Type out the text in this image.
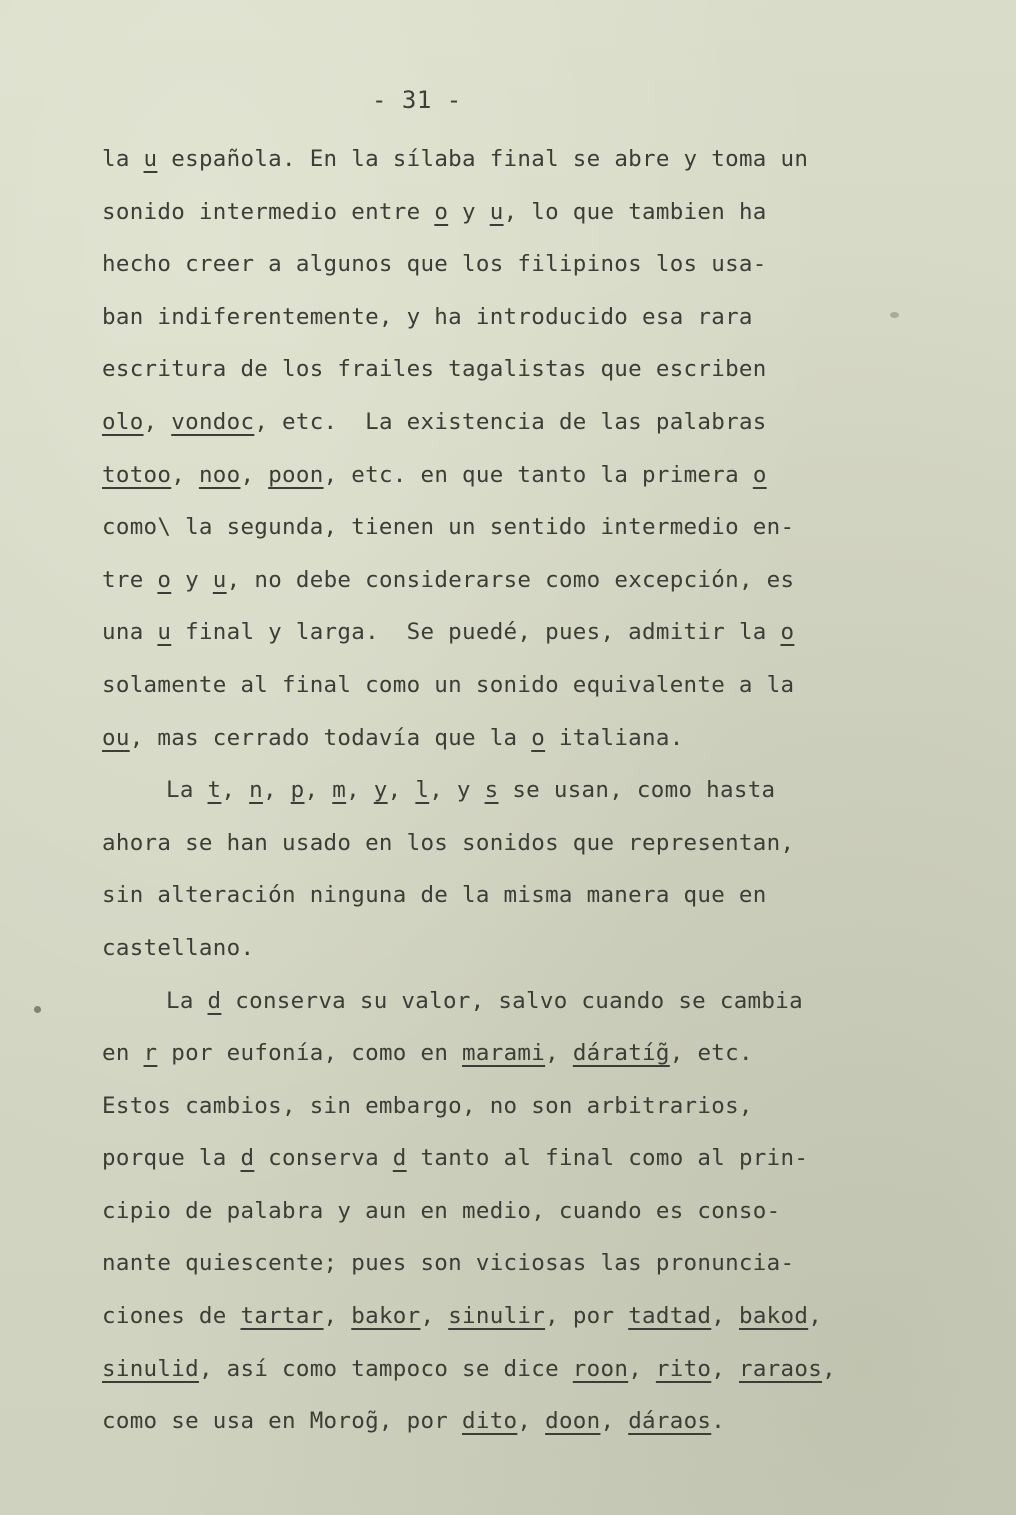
- 31 -
la u española. En la sílaba final se abre y toma un
sonido intermedio entre o y u, lo que tambien ha
hecho creer a algunos que los filipinos los usa-
ban indiferentemente, y ha introducido esa rara
escritura de los frailes tagalistas que escriben
olo, vondoc, etc.  La existencia de las palabras
totoo, noo, poon, etc. en que tanto la primera o
como\ la segunda, tienen un sentido intermedio en-
tre o y u, no debe considerarse como excepción, es
una u final y larga.  Se puedé, pues, admitir la o
solamente al final como un sonido equivalente a la
ou, mas cerrado todavía que la o italiana.
La t, n, p, m, y, l, y s se usan, como hasta
ahora se han usado en los sonidos que representan,
sin alteración ninguna de la misma manera que en
castellano.
La d conserva su valor, salvo cuando se cambia
en r por eufonía, como en marami, dáratíg̃, etc.
Estos cambios, sin embargo, no son arbitrarios,
porque la d conserva d tanto al final como al prin-
cipio de palabra y aun en medio, cuando es conso-
nante quiescente; pues son viciosas las pronuncia-
ciones de tartar, bakor, sinulir, por tadtad, bakod,
sinulid, así como tampoco se dice roon, rito, raraos,
como se usa en Morog̃, por dito, doon, dáraos.
